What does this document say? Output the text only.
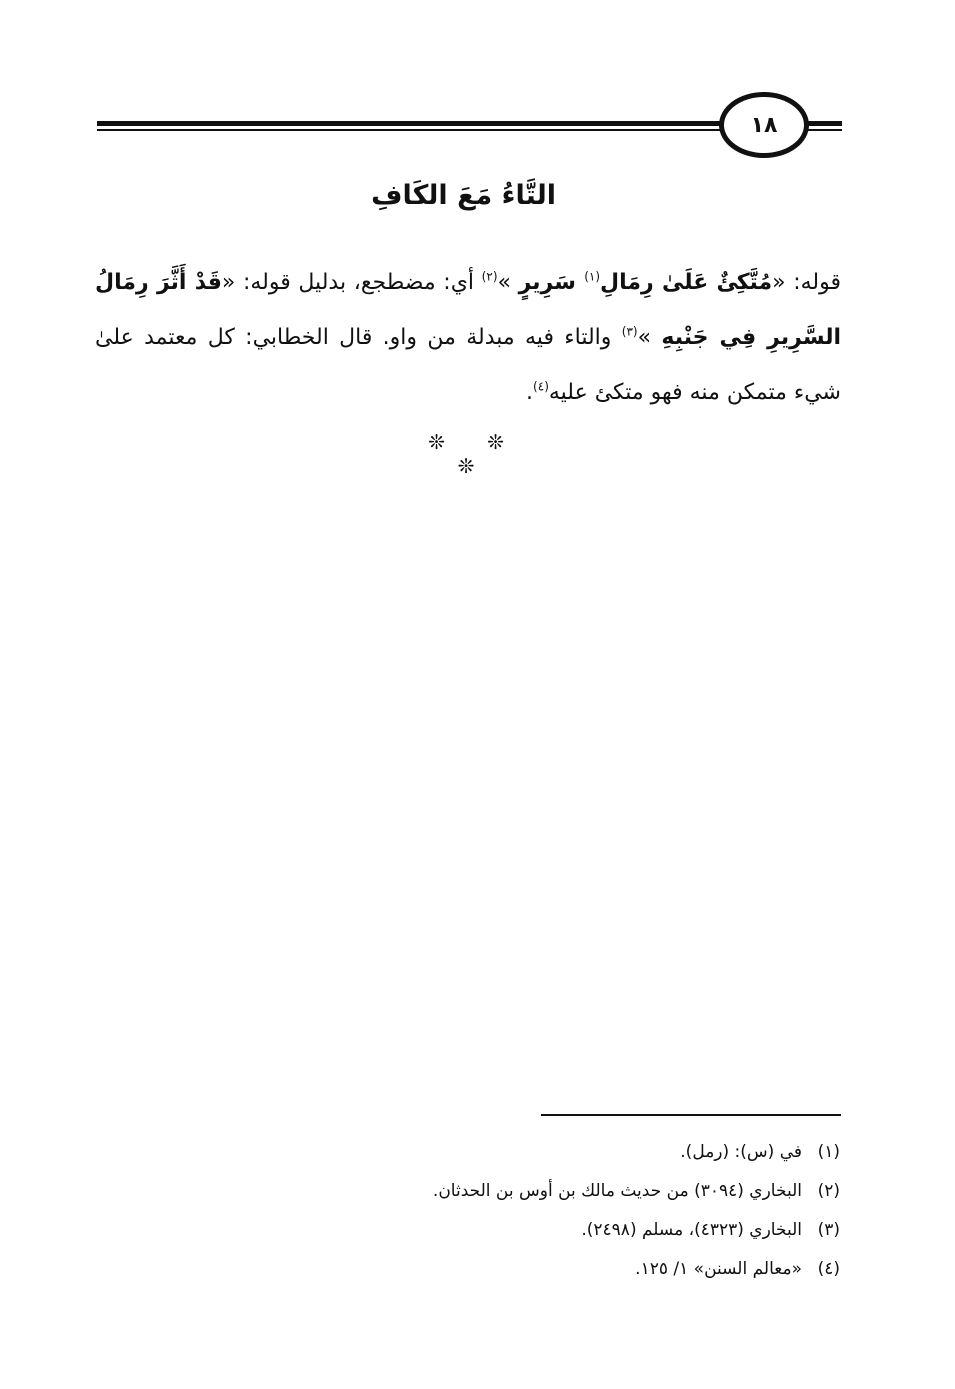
١٨
التَّاءُ مَعَ الكَافِ
قوله: «مُتَّكِئٌ عَلَىٰ رِمَالِ$^{(١)}$ سَرِيرٍ »$^{(٢)}$ أي: مضطجع، بدليل قوله: «قَدْ أَثَّرَ رِمَالُ السَّرِيرِ فِي جَنْبِهِ »$^{(٣)}$ والتاء فيه مبدلة من واو. قال الخطابي: كل معتمد علىٰ شيء متمكن منه فهو متكئ عليه$^{(٤)}$.
❊ ❊ ❊
(١)في (س): (رمل).
(٢)البخاري (٣٠٩٤) من حديث مالك بن أوس بن الحدثان.
(٣)البخاري (٤٣٢٣)، مسلم (٢٤٩٨).
(٤)«معالم السنن» ١/ ١٢٥.
